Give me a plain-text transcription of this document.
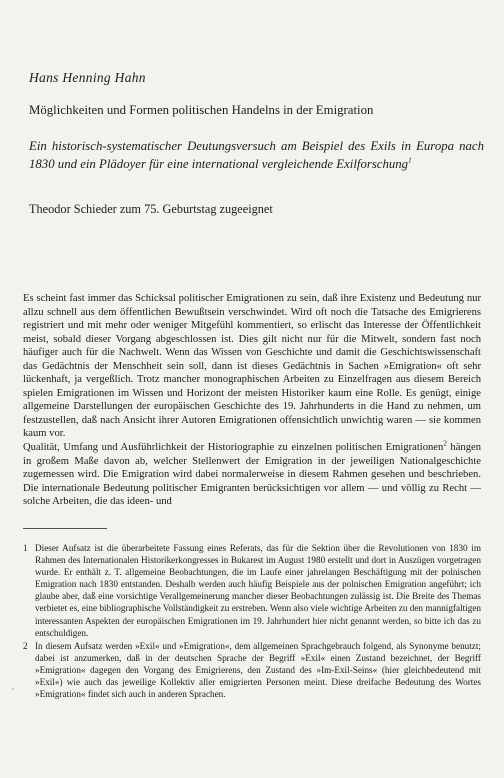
Hans Henning Hahn
Möglichkeiten und Formen politischen Handelns in der Emigration
Ein historisch-systematischer Deutungsversuch am Beispiel des Exils in Europa nach 1830 und ein Plädoyer für eine international vergleichende Exilforschung$^1$
Theodor Schieder zum 75. Geburtstag zugeeignet

Es scheint fast immer das Schicksal politischer Emigrationen zu sein, daß ihre Existenz und Bedeutung nur allzu schnell aus dem öffentlichen Bewußtsein verschwindet. Wird oft noch die Tatsache des Emigrierens registriert und mit mehr oder weniger Mitgefühl kommentiert, so erlischt das Interesse der Öffentlichkeit meist, sobald dieser Vorgang abgeschlossen ist. Dies gilt nicht nur für die Mitwelt, sondern fast noch häufiger auch für die Nachwelt. Wenn das Wissen von Geschichte und damit die Geschichtswissenschaft das Gedächtnis der Menschheit sein soll, dann ist dieses Gedächtnis in Sachen »Emigration« oft sehr lückenhaft, ja vergeßlich. Trotz mancher monographischen Arbeiten zu Einzelfragen aus diesem Bereich spielen Emigrationen im Wissen und Horizont der meisten Historiker kaum eine Rolle. Es genügt, einige allgemeine Darstellungen der europäischen Geschichte des 19. Jahrhunderts in die Hand zu nehmen, um festzustellen, daß nach Ansicht ihrer Autoren Emigrationen offensichtlich unwichtig waren — sie kommen kaum vor.

Qualität, Umfang und Ausführlichkeit der Historiographie zu einzelnen politischen Emigrationen$^2$ hängen in großem Maße davon ab, welcher Stellenwert der Emigration in der jeweiligen Nationalgeschichte zugemessen wird. Die Emigration wird dabei normalerweise in diesem Rahmen gesehen und beschrieben. Die internationale Bedeutung politischer Emigranten berücksichtigen vor allem — und völlig zu Recht — solche Arbeiten, die das ideen- und

1 Dieser Aufsatz ist die überarbeitete Fassung eines Referats, das für die Sektion über die Revolutionen von 1830 im Rahmen des Internationalen Historikerkongresses in Bukarest im August 1980 erstellt und dort in Auszügen vorgetragen wurde. Er enthält z. T. allgemeine Beobachtungen, die im Laufe einer jahrelangen Beschäftigung mit der polnischen Emigration nach 1830 entstanden. Deshalb werden auch häufig Beispiele aus der polnischen Emigration angeführt; ich glaube aber, daß eine vorsichtige Verallgemeinerung mancher dieser Beobachtungen zulässig ist. Die Breite des Themas verbietet es, eine bibliographische Vollständigkeit zu erstreben. Wenn also viele wichtige Arbeiten zu den mannigfaltigen interessanten Aspekten der europäischen Emigrationen im 19. Jahrhundert hier nicht genannt werden, so bitte ich das zu entschuldigen.
2 In diesem Aufsatz werden »Exil« und »Emigration«, dem allgemeinen Sprachgebrauch folgend, als Synonyme benutzt; dabei ist anzumerken, daß in der deutschen Sprache der Begriff »Exil« einen Zustand bezeichnet, der Begriff »Emigration« dagegen den Vorgang des Emigrierens, den Zustand des »Im-Exil-Seins« (hier gleichbedeutend mit »Exil«) wie auch das jeweilige Kollektiv aller emigrierten Personen meint. Diese dreifache Bedeutung des Wortes »Emigration« findet sich auch in anderen Sprachen.
,
